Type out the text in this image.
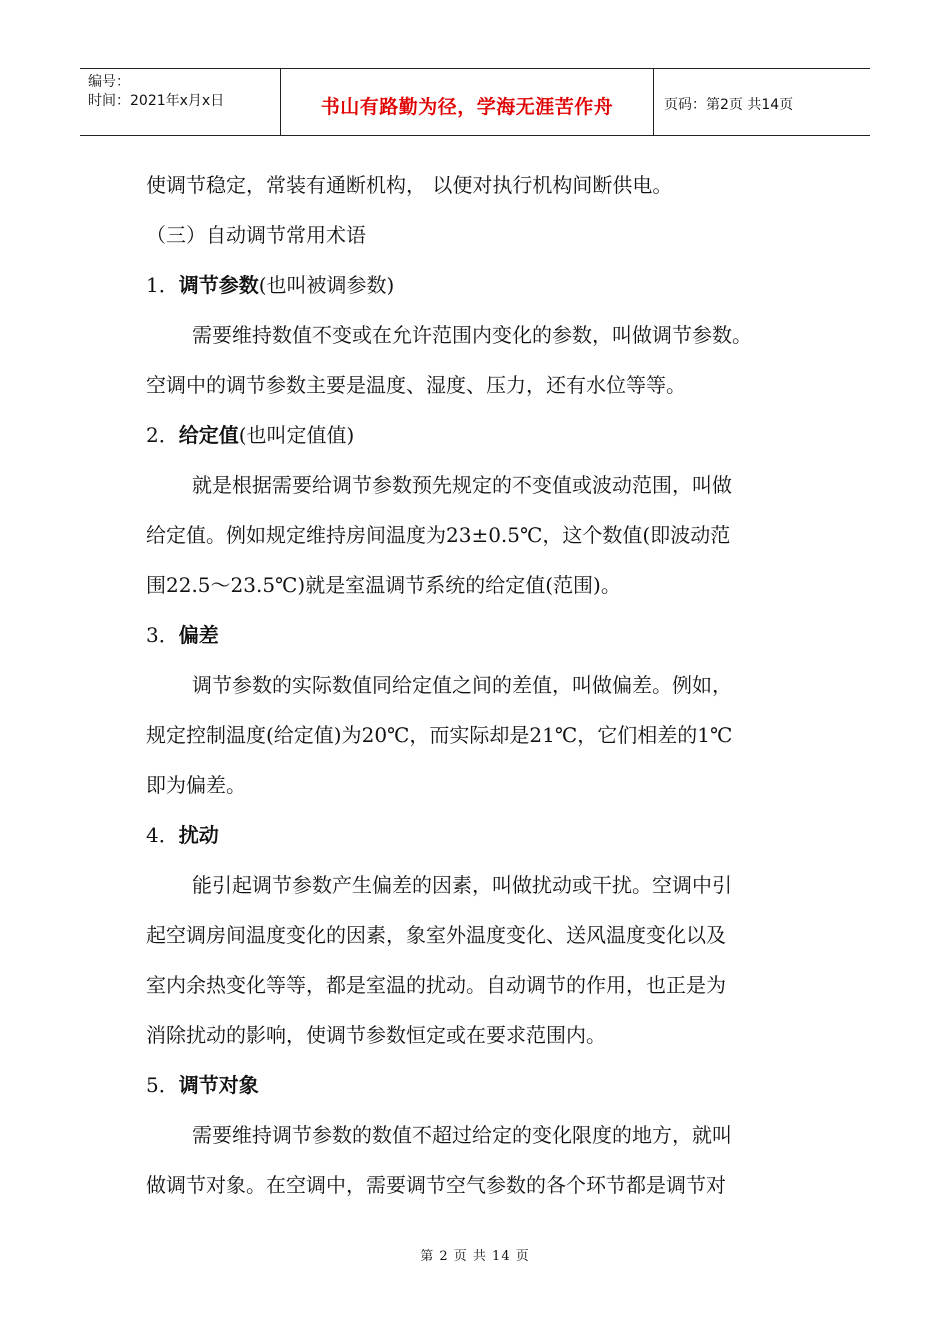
编号：
时间：2021年x月x日	书山有路勤为径，学海无涯苦作舟	页码：第2页 共14页
使调节稳定，常装有通断机构， 以便对执行机构间断供电。
（三）自动调节常用术语
1．调节参数(也叫被调参数)
需要维持数值不变或在允许范围内变化的参数，叫做调节参数。
空调中的调节参数主要是温度、湿度、压力，还有水位等等。
2．给定值(也叫定值值)
就是根据需要给调节参数预先规定的不变值或波动范围，叫做
给定值。例如规定维持房间温度为23±0.5℃，这个数值(即波动范
围22.5～23.5℃)就是室温调节系统的给定值(范围)。
3．偏差
调节参数的实际数值同给定值之间的差值，叫做偏差。例如，
规定控制温度(给定值)为20℃，而实际却是21℃，它们相差的1℃
即为偏差。
4．扰动
能引起调节参数产生偏差的因素，叫做扰动或干扰。空调中引
起空调房间温度变化的因素，象室外温度变化、送风温度变化以及
室内余热变化等等，都是室温的扰动。自动调节的作用，也正是为
消除扰动的影响，使调节参数恒定或在要求范围内。
5．调节对象
需要维持调节参数的数值不超过给定的变化限度的地方，就叫
做调节对象。在空调中，需要调节空气参数的各个环节都是调节对
第 2 页 共 14 页
